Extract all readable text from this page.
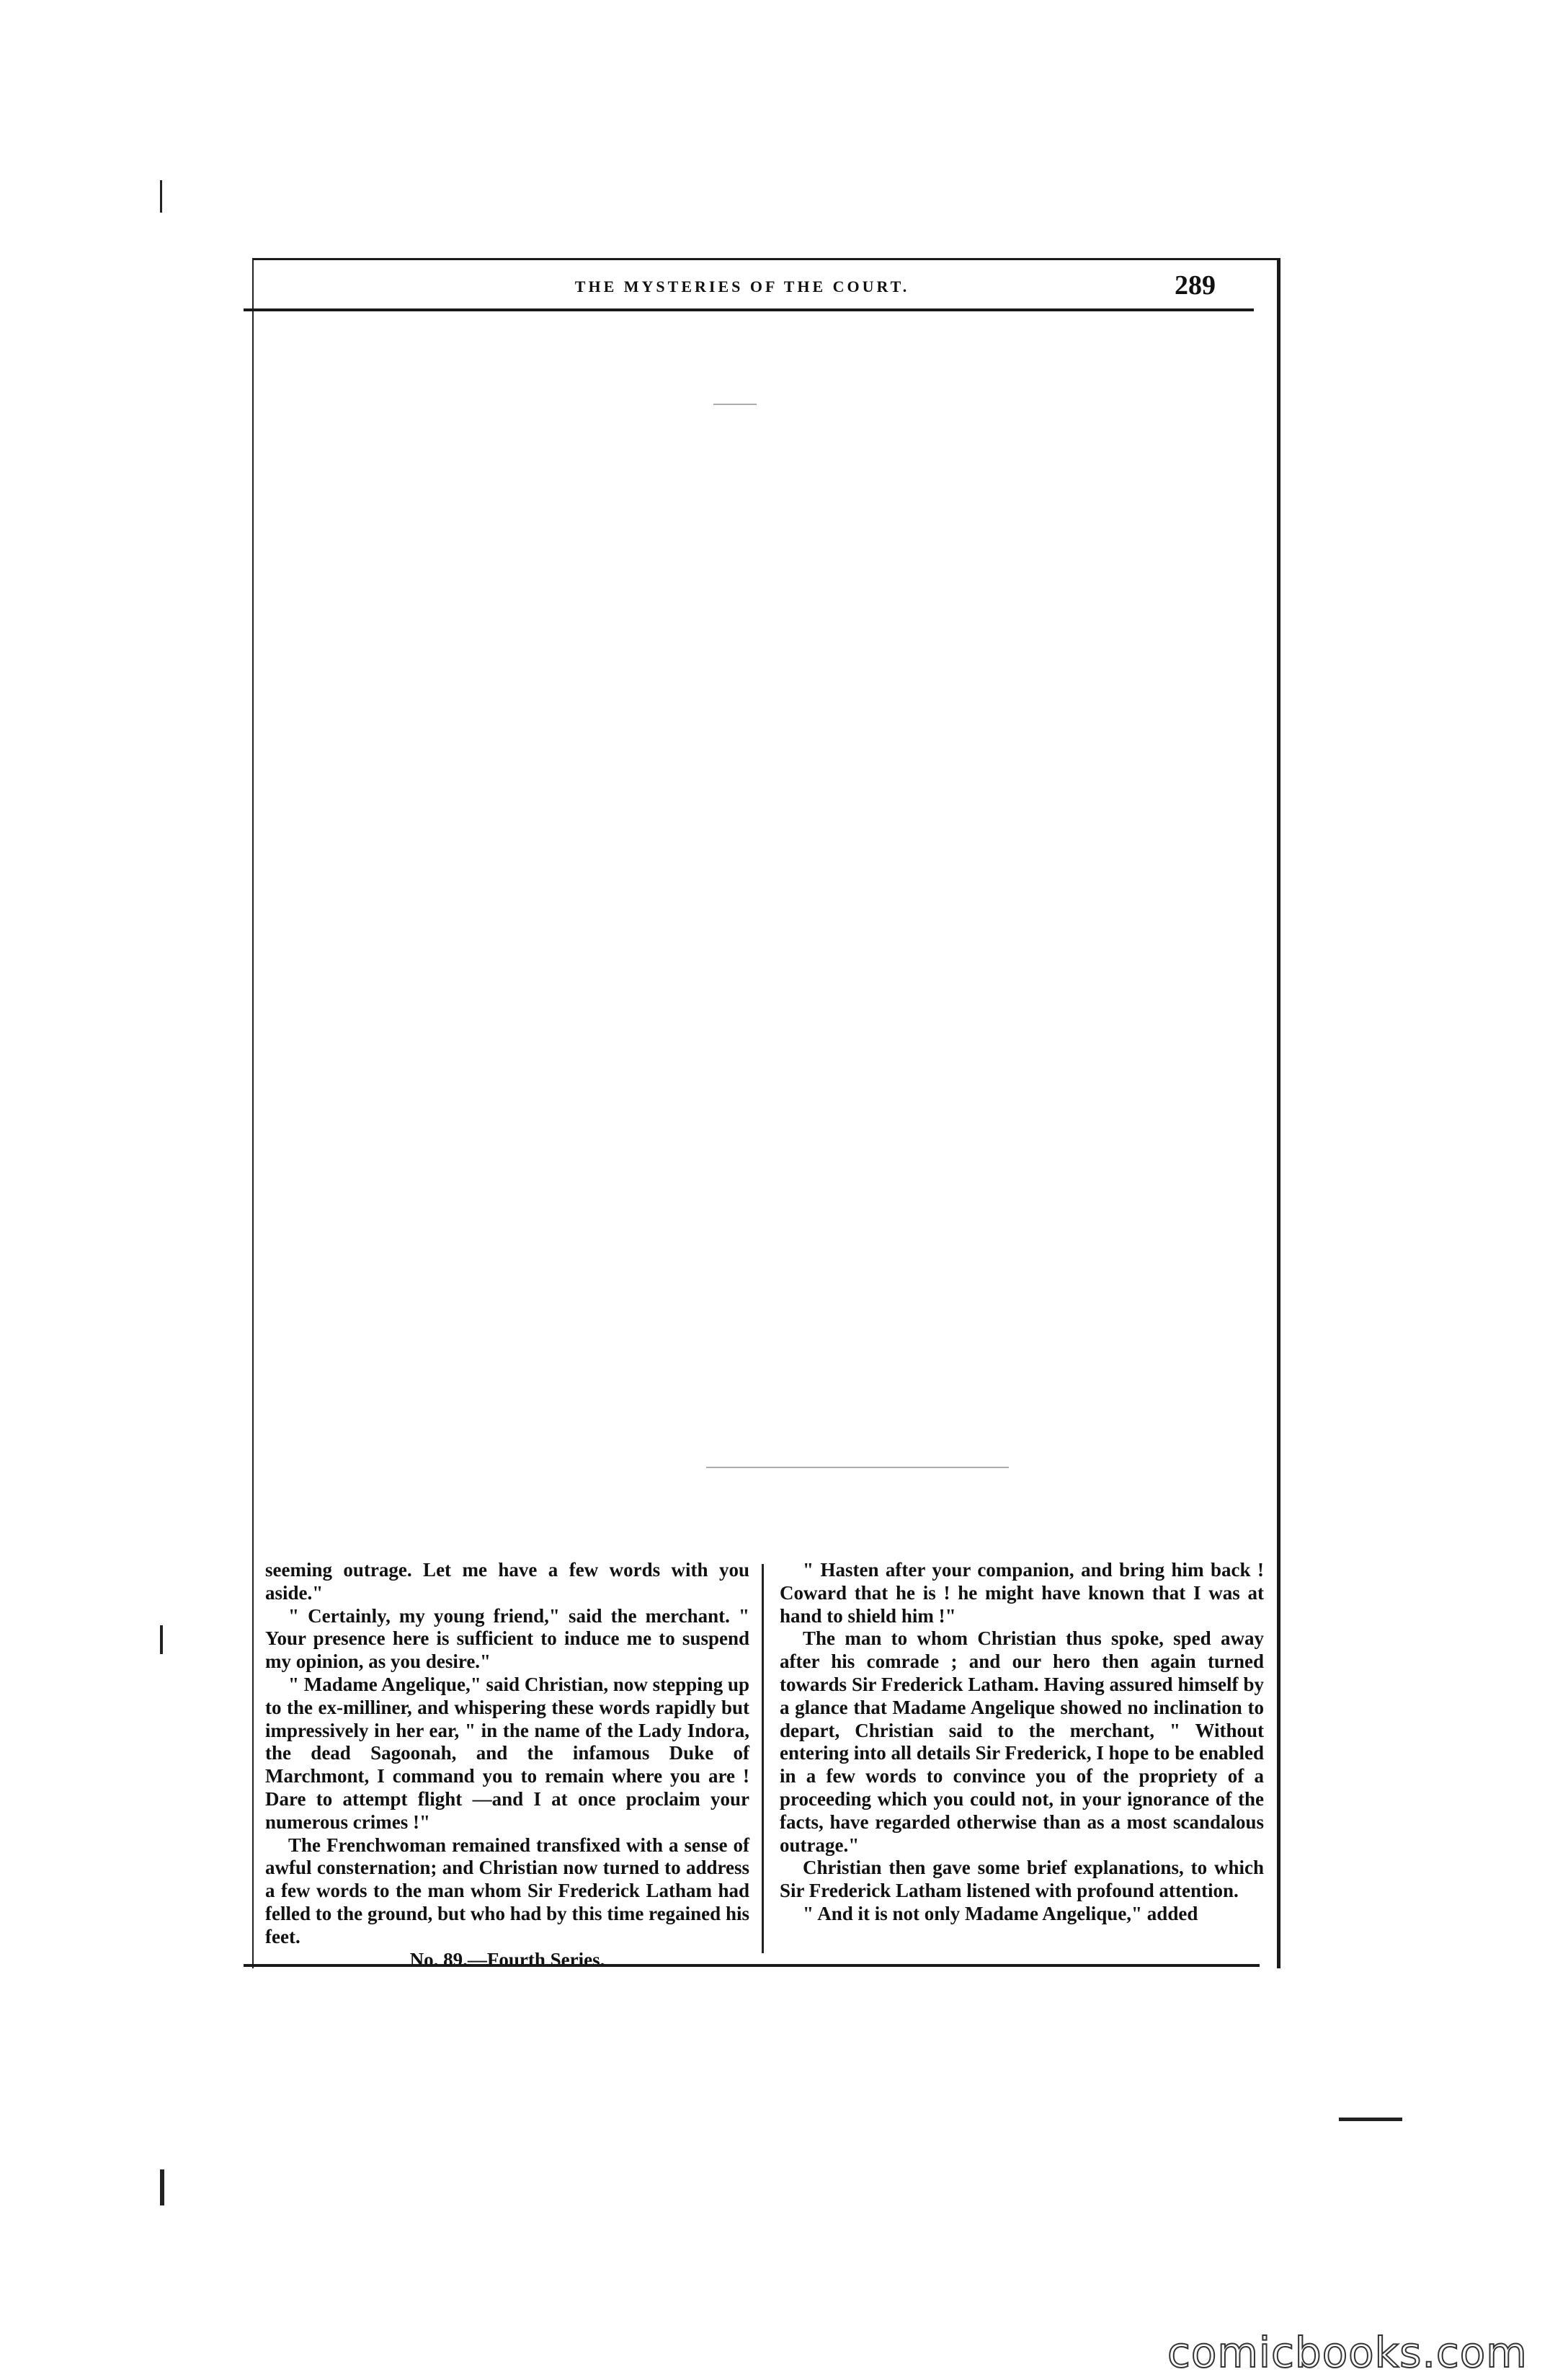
THE MYSTERIES OF THE COURT.	289

seeming outrage. Let me have a few words with you aside."

" Certainly, my young friend," said the merchant. " Your presence here is sufficient to induce me to suspend my opinion, as you desire."

" Madame Angelique," said Christian, now stepping up to the ex-milliner, and whispering these words rapidly but impressively in her ear, " in the name of the Lady Indora, the dead Sagoonah, and the infamous Duke of Marchmont, I command you to remain where you are ! Dare to attempt flight —and I at once proclaim your numerous crimes !"

The Frenchwoman remained transfixed with a sense of awful consternation; and Christian now turned to address a few words to the man whom Sir Frederick Latham had felled to the ground, but who had by this time regained his feet.

No. 89.—Fourth Series.

" Hasten after your companion, and bring him back ! Coward that he is ! he might have known that I was at hand to shield him !"

The man to whom Christian thus spoke, sped away after his comrade ; and our hero then again turned towards Sir Frederick Latham. Having assured himself by a glance that Madame Angelique showed no inclination to depart, Christian said to the merchant, " Without entering into all details Sir Frederick, I hope to be enabled in a few words to convince you of the propriety of a proceeding which you could not, in your ignorance of the facts, have regarded otherwise than as a most scandalous outrage."

Christian then gave some brief explanations, to which Sir Frederick Latham listened with profound attention.

" And it is not only Madame Angelique," added

comicbooks.com
